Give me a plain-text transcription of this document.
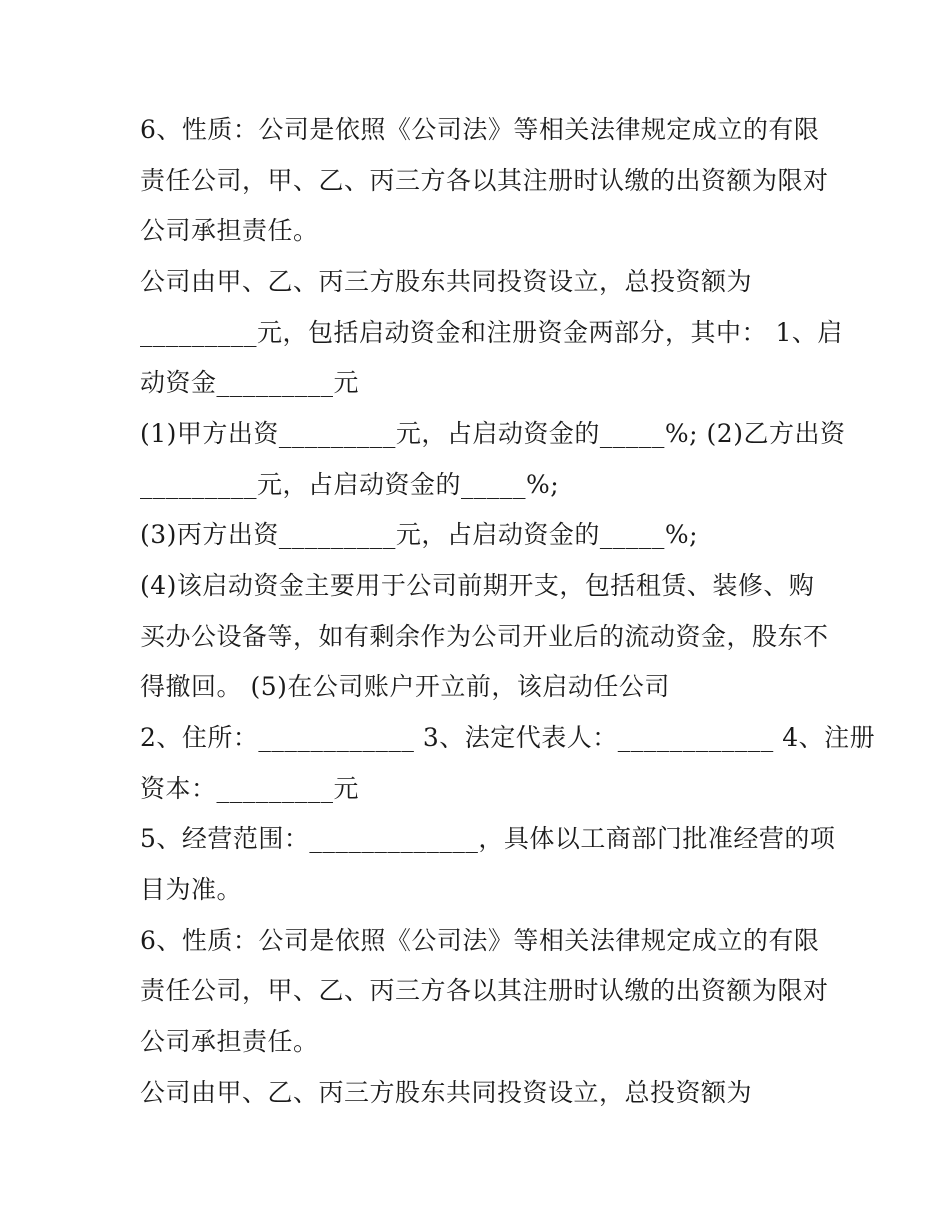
6、性质：公司是依照《公司法》等相关法律规定成立的有限
责任公司，甲、乙、丙三方各以其注册时认缴的出资额为限对
公司承担责任。
公司由甲、乙、丙三方股东共同投资设立，总投资额为
_________元，包括启动资金和注册资金两部分，其中： 1、启
动资金_________元
(1)甲方出资_________元，占启动资金的_____%; (2)乙方出资
_________元，占启动资金的_____%;
(3)丙方出资_________元，占启动资金的_____%;
(4)该启动资金主要用于公司前期开支，包括租赁、装修、购
买办公设备等，如有剩余作为公司开业后的流动资金，股东不
得撤回。 (5)在公司账户开立前，该启动任公司
2、住所：____________ 3、法定代表人：____________ 4、注册
资本：_________元
5、经营范围：_____________，具体以工商部门批准经营的项
目为准。
6、性质：公司是依照《公司法》等相关法律规定成立的有限
责任公司，甲、乙、丙三方各以其注册时认缴的出资额为限对
公司承担责任。
公司由甲、乙、丙三方股东共同投资设立，总投资额为
